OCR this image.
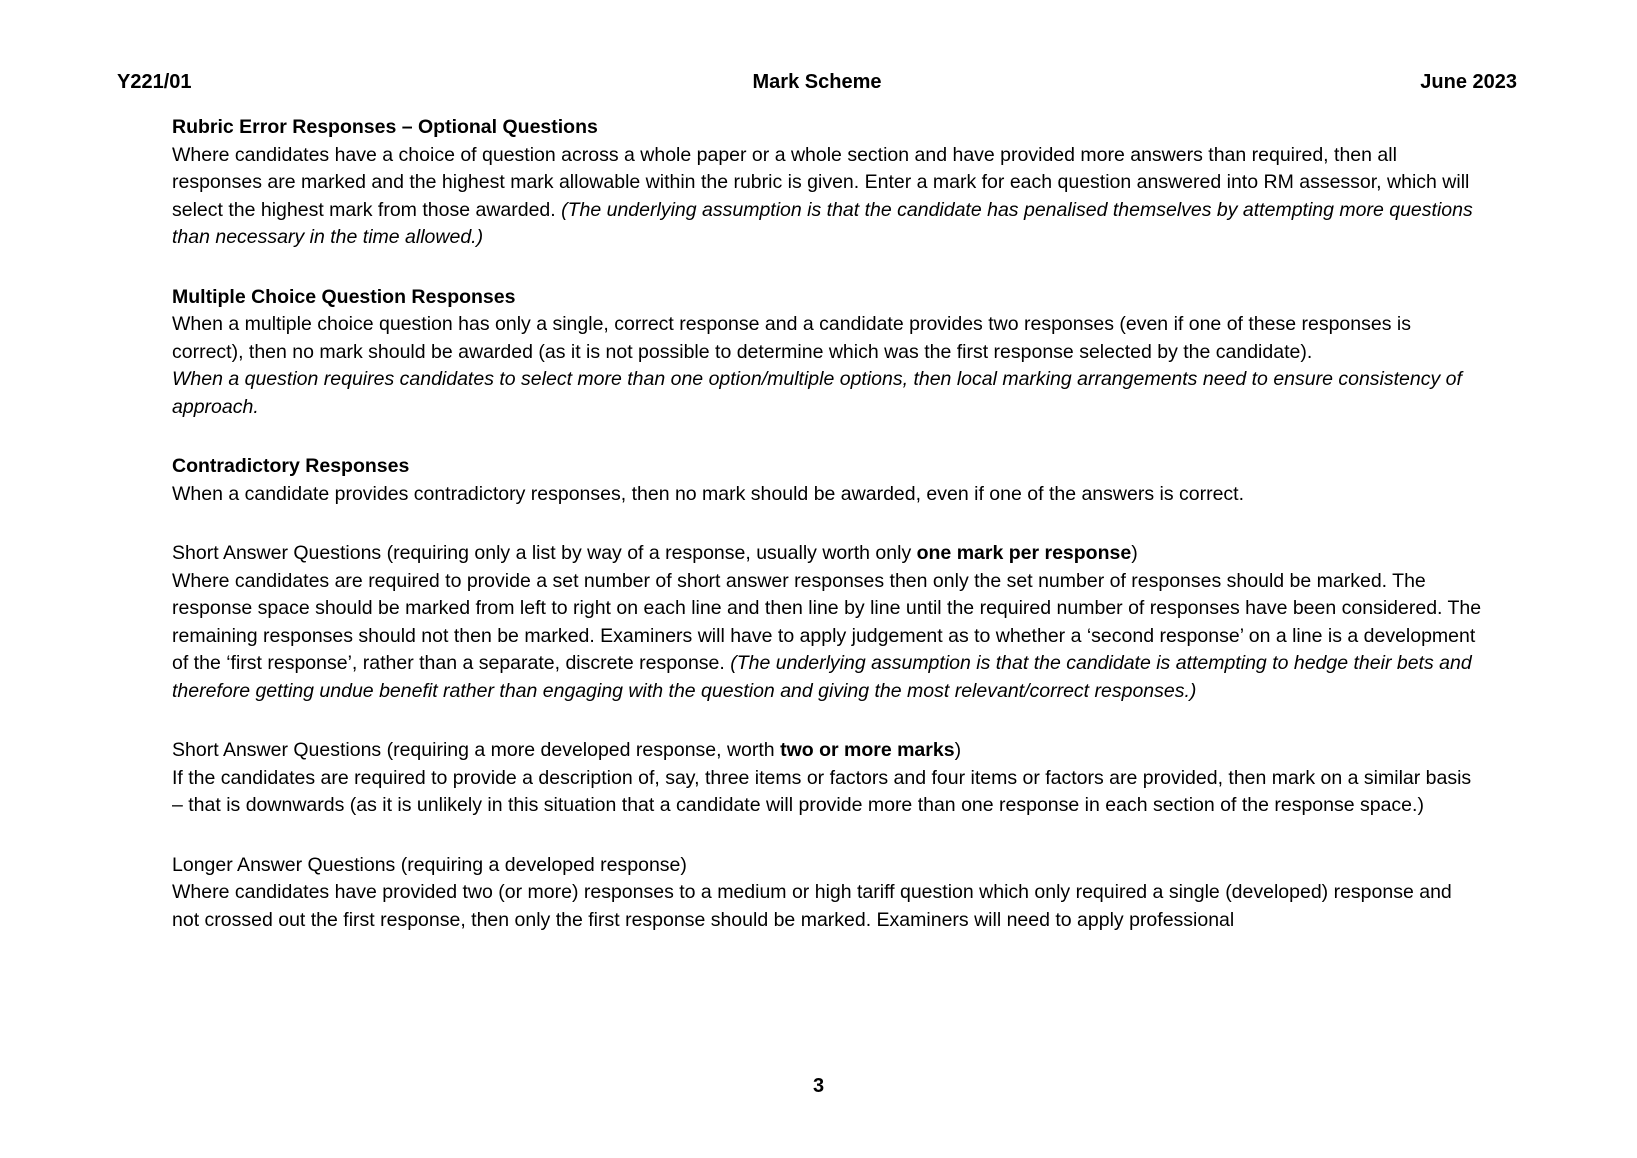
Y221/01	Mark Scheme	June 2023
Rubric Error Responses – Optional Questions

Where candidates have a choice of question across a whole paper or a whole section and have provided more answers than required, then all responses are marked and the highest mark allowable within the rubric is given. Enter a mark for each question answered into RM assessor, which will select the highest mark from those awarded. (The underlying assumption is that the candidate has penalised themselves by attempting more questions than necessary in the time allowed.)

Multiple Choice Question Responses

When a multiple choice question has only a single, correct response and a candidate provides two responses (even if one of these responses is correct), then no mark should be awarded (as it is not possible to determine which was the first response selected by the candidate).

When a question requires candidates to select more than one option/multiple options, then local marking arrangements need to ensure consistency of approach.

Contradictory Responses

When a candidate provides contradictory responses, then no mark should be awarded, even if one of the answers is correct.

Short Answer Questions (requiring only a list by way of a response, usually worth only one mark per response)

Where candidates are required to provide a set number of short answer responses then only the set number of responses should be marked. The response space should be marked from left to right on each line and then line by line until the required number of responses have been considered. The remaining responses should not then be marked. Examiners will have to apply judgement as to whether a ‘second response’ on a line is a development of the ‘first response’, rather than a separate, discrete response. (The underlying assumption is that the candidate is attempting to hedge their bets and therefore getting undue benefit rather than engaging with the question and giving the most relevant/correct responses.)

Short Answer Questions (requiring a more developed response, worth two or more marks)

If the candidates are required to provide a description of, say, three items or factors and four items or factors are provided, then mark on a similar basis – that is downwards (as it is unlikely in this situation that a candidate will provide more than one response in each section of the response space.)

Longer Answer Questions (requiring a developed response)

Where candidates have provided two (or more) responses to a medium or high tariff question which only required a single (developed) response and not crossed out the first response, then only the first response should be marked. Examiners will need to apply professional

3
